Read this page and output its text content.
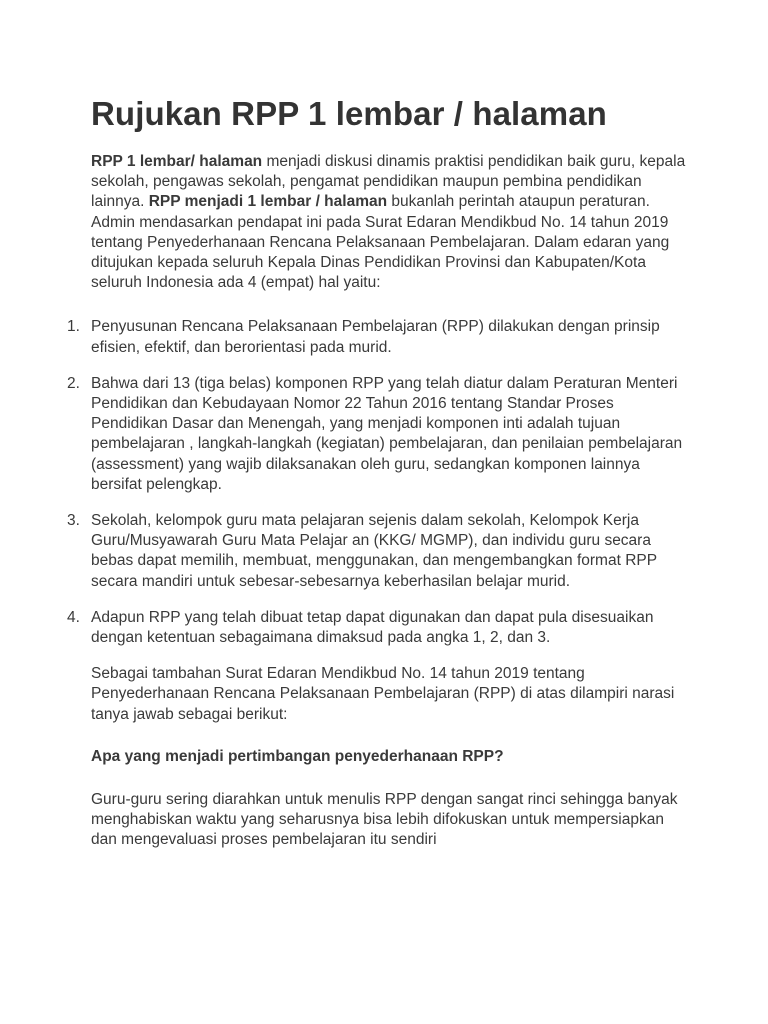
Rujukan RPP 1 lembar / halaman

RPP 1 lembar/ halaman menjadi diskusi dinamis praktisi pendidikan baik guru, kepala sekolah, pengawas sekolah, pengamat pendidikan maupun pembina pendidikan lainnya. RPP menjadi 1 lembar / halaman bukanlah perintah ataupun peraturan. Admin mendasarkan pendapat ini pada Surat Edaran Mendikbud No. 14 tahun 2019 tentang Penyederhanaan Rencana Pelaksanaan Pembelajaran. Dalam edaran yang ditujukan kepada seluruh Kepala Dinas Pendidikan Provinsi dan Kabupaten/Kota seluruh Indonesia ada 4 (empat) hal yaitu:

1. Penyusunan Rencana Pelaksanaan Pembelajaran (RPP) dilakukan dengan prinsip efisien, efektif, dan berorientasi pada murid.
2. Bahwa dari 13 (tiga belas) komponen RPP yang telah diatur dalam Peraturan Menteri Pendidikan dan Kebudayaan Nomor 22 Tahun 2016 tentang Standar Proses Pendidikan Dasar dan Menengah, yang menjadi komponen inti adalah tujuan pembelajaran , langkah-langkah (kegiatan) pembelajaran, dan penilaian pembelajaran (assessment) yang wajib dilaksanakan oleh guru, sedangkan komponen lainnya bersifat pelengkap.
3. Sekolah, kelompok guru mata pelajaran sejenis dalam sekolah, Kelompok Kerja Guru/Musyawarah Guru Mata Pelajar an (KKG/ MGMP), dan individu guru secara bebas dapat memilih, membuat, menggunakan, dan mengembangkan format RPP secara mandiri untuk sebesar-sebesarnya keberhasilan belajar murid.
4. Adapun RPP yang telah dibuat tetap dapat digunakan dan dapat pula disesuaikan dengan ketentuan sebagaimana dimaksud pada angka 1, 2, dan 3.

Sebagai tambahan Surat Edaran Mendikbud No. 14 tahun 2019 tentang Penyederhanaan Rencana Pelaksanaan Pembelajaran (RPP) di atas dilampiri narasi tanya jawab sebagai berikut:

Apa yang menjadi pertimbangan penyederhanaan RPP?

Guru-guru sering diarahkan untuk menulis RPP dengan sangat rinci sehingga banyak menghabiskan waktu yang seharusnya bisa lebih difokuskan untuk mempersiapkan dan mengevaluasi proses pembelajaran itu sendiri
